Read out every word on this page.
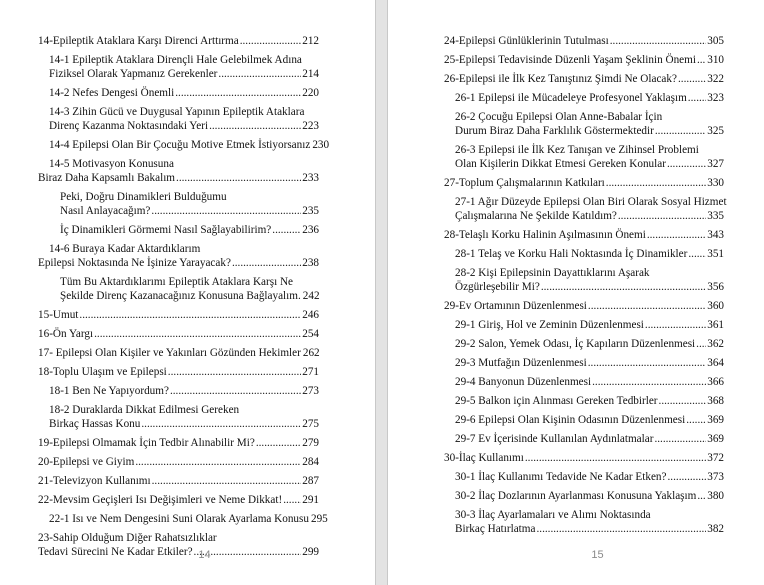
14-Epileptik Ataklara Karşı Direnci Arttırma .....	212
14-1 Epileptik Ataklara Dirençli Hale Gelebilmek Adına
Fiziksel Olarak Yapmanız Gerekenler .....	214
14-2 Nefes Dengesi Önemli .....	220
14-3 Zihin Gücü ve Duygusal Yapının Epileptik Ataklara
Direnç Kazanma Noktasındaki Yeri .....	223
14-4 Epilepsi Olan Bir Çocuğu Motive Etmek İstiyorsanız 230
14-5 Motivasyon Konusuna
Biraz Daha Kapsamlı Bakalım .....	233
Peki, Doğru Dinamikleri Bulduğumu
Nasıl Anlayacağım? .....	235
İç Dinamikleri Görmemi Nasıl Sağlayabilirim? .....	236
14-6 Buraya Kadar Aktardıklarım
Epilepsi Noktasında Ne İşinize Yarayacak? .....	238
Tüm Bu Aktardıklarımı Epileptik Ataklara Karşı Ne
Şekilde Direnç Kazanacağınız Konusuna Bağlayalım. 242
15-Umut .....	246
16-Ön Yargı .....	254
17- Epilepsi Olan Kişiler ve Yakınları Gözünden Hekimler 262
18-Toplu Ulaşım ve Epilepsi .....	271
18-1 Ben Ne Yapıyordum? .....	273
18-2 Duraklarda Dikkat Edilmesi Gereken
Birkaç Hassas Konu .....	275
19-Epilepsi Olmamak İçin Tedbir Alınabilir Mi? .....	279
20-Epilepsi ve Giyim .....	284
21-Televizyon Kullanımı .....	287
22-Mevsim Geçişleri Isı Değişimleri ve Neme Dikkat! ..... 291
22-1 Isı ve Nem Dengesini Suni Olarak Ayarlama Konusu 295
23-Sahip Olduğum Diğer Rahatsızlıklar
Tedavi Sürecini Ne Kadar Etkiler? .....	299
14
24-Epilepsi Günlüklerinin Tutulması .....	305
25-Epilepsi Tedavisinde Düzenli Yaşam Şeklinin Önemi ..... 310
26-Epilepsi ile İlk Kez Tanıştınız Şimdi Ne Olacak? .....	322
26-1 Epilepsi ile Mücadeleye Profesyonel Yaklaşım ..... 323
26-2 Çocuğu Epilepsi Olan Anne-Babalar İçin
Durum Biraz Daha Farklılık Göstermektedir .....	325
26-3 Epilepsi ile İlk Kez Tanışan ve Zihinsel Problemi
Olan Kişilerin Dikkat Etmesi Gereken Konular .....	327
27-Toplum Çalışmalarının Katkıları .....	330
27-1 Ağır Düzeyde Epilepsi Olan Biri Olarak Sosyal Hizmet
Çalışmalarına Ne Şekilde Katıldım? .....	335
28-Telaşlı Korku Halinin Aşılmasının Önemi .....	343
28-1 Telaş ve Korku Hali Noktasında İç Dinamikler ..... 351
28-2 Kişi Epilepsinin Dayattıklarını Aşarak
Özgürleşebilir Mi? .....	356
29-Ev Ortamının Düzenlenmesi .....	360
29-1 Giriş, Hol ve Zeminin Düzenlenmesi .....	361
29-2 Salon, Yemek Odası, İç Kapıların Düzenlenmesi ..... 362
29-3 Mutfağın Düzenlenmesi .....	364
29-4 Banyonun Düzenlenmesi .....	366
29-5 Balkon için Alınması Gereken Tedbirler .....	368
29-6 Epilepsi Olan Kişinin Odasının Düzenlenmesi ..... 369
29-7 Ev İçerisinde Kullanılan Aydınlatmalar .....	369
30-İlaç Kullanımı .....	372
30-1 İlaç Kullanımı Tedavide Ne Kadar Etken? .....	373
30-2 İlaç Dozlarının Ayarlanması Konusuna Yaklaşım ..... 380
30-3 İlaç Ayarlamaları ve Alımı Noktasında
Birkaç Hatırlatma .....	382
15
